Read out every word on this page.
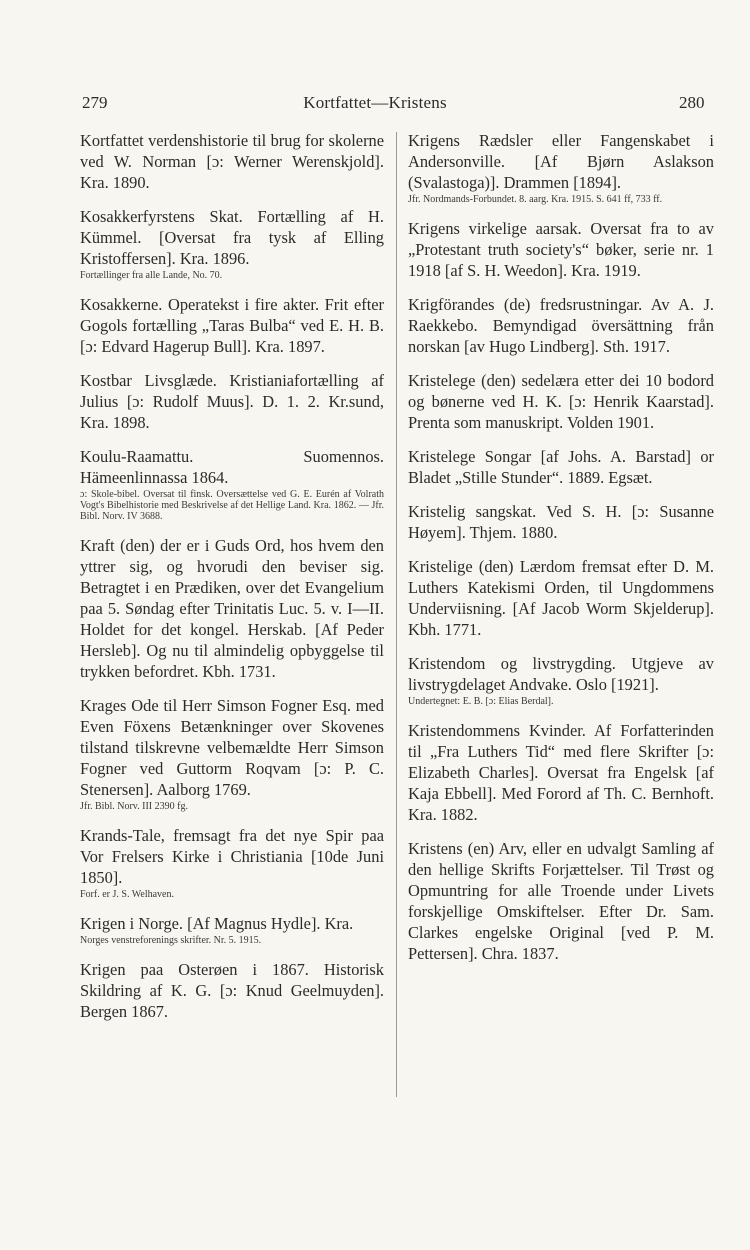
279	Kortfattet—Kristens	280
Kortfattet verdenshistorie til brug for skolerne ved W. Norman [ɔ: Werner Werenskjold]. Kra. 1890.
Kosakkerfyrstens Skat. Fortælling af H. Kümmel. [Oversat fra tysk af Elling Kristoffersen]. Kra. 1896.
Fortællinger fra alle Lande, No. 70.
Kosakkerne. Operatekst i fire akter. Frit efter Gogols fortælling „Taras Bulba“ ved E. H. B. [ɔ: Edvard Hagerup Bull]. Kra. 1897.
Kostbar Livsglæde. Kristianiafortælling af Julius [ɔ: Rudolf Muus]. D. 1. 2. Kr.sund, Kra. 1898.
Koulu-Raamattu. Suomennos. Hämeenlinnassa 1864.
ɔ: Skole-bibel. Oversat til finsk. Oversættelse ved G. E. Eurén af Volrath Vogt's Bibelhistorie med Beskrivelse af det Hellige Land. Kra. 1862. — Jfr. Bibl. Norv. IV 3688.
Kraft (den) der er i Guds Ord, hos hvem den yttrer sig, og hvorudi den beviser sig. Betragtet i en Prædiken, over det Evangelium paa 5. Søndag efter Trinitatis Luc. 5. v. I—II. Holdet for det kongel. Herskab. [Af Peder Hersleb]. Og nu til almindelig opbyggelse til trykken befordret. Kbh. 1731.
Krages Ode til Herr Simson Fogner Esq. med Even Föxens Betænkninger over Skovenes tilstand tilskrevne velbemældte Herr Simson Fogner ved Guttorm Roqvam [ɔ: P. C. Stenersen]. Aalborg 1769.
Jfr. Bibl. Norv. III 2390 fg.
Krands-Tale, fremsagt fra det nye Spir paa Vor Frelsers Kirke i Christiania [10de Juni 1850].
Forf. er J. S. Welhaven.
Krigen i Norge. [Af Magnus Hydle]. Kra.
Norges venstreforenings skrifter. Nr. 5. 1915.
Krigen paa Osterøen i 1867. Historisk Skildring af K. G. [ɔ: Knud Geelmuyden]. Bergen 1867.
Krigens Rædsler eller Fangenskabet i Andersonville. [Af Bjørn Aslakson (Svalastoga)]. Drammen [1894].
Jfr. Nordmands-Forbundet. 8. aarg. Kra. 1915. S. 641 ff, 733 ff.
Krigens virkelige aarsak. Oversat fra to av „Protestant truth society's“ bøker, serie nr. 1 1918 [af S. H. Weedon]. Kra. 1919.
Krigförandes (de) fredsrustningar. Av A. J. Raekkebo. Bemyndigad översättning från norskan [av Hugo Lindberg]. Sth. 1917.
Kristelege (den) sedelæra etter dei 10 bodord og bønerne ved H. K. [ɔ: Henrik Kaarstad]. Prenta som manuskript. Volden 1901.
Kristelege Songar [af Johs. A. Barstad] or Bladet „Stille Stunder“. 1889. Egsæt.
Kristelig sangskat. Ved S. H. [ɔ: Susanne Høyem]. Thjem. 1880.
Kristelige (den) Lærdom fremsat efter D. M. Luthers Katekismi Orden, til Ungdommens Underviisning. [Af Jacob Worm Skjelderup]. Kbh. 1771.
Kristendom og livstrygding. Utgjeve av livstrygdelaget Andvake. Oslo [1921].
Undertegnet: E. B. [ɔ: Elias Berdal].
Kristendommens Kvinder. Af Forfatterinden til „Fra Luthers Tid“ med flere Skrifter [ɔ: Elizabeth Charles]. Oversat fra Engelsk [af Kaja Ebbell]. Med Forord af Th. C. Bernhoft. Kra. 1882.
Kristens (en) Arv, eller en udvalgt Samling af den hellige Skrifts Forjættelser. Til Trøst og Opmuntring for alle Troende under Livets forskjellige Omskiftelser. Efter Dr. Sam. Clarkes engelske Original [ved P. M. Pettersen]. Chra. 1837.
